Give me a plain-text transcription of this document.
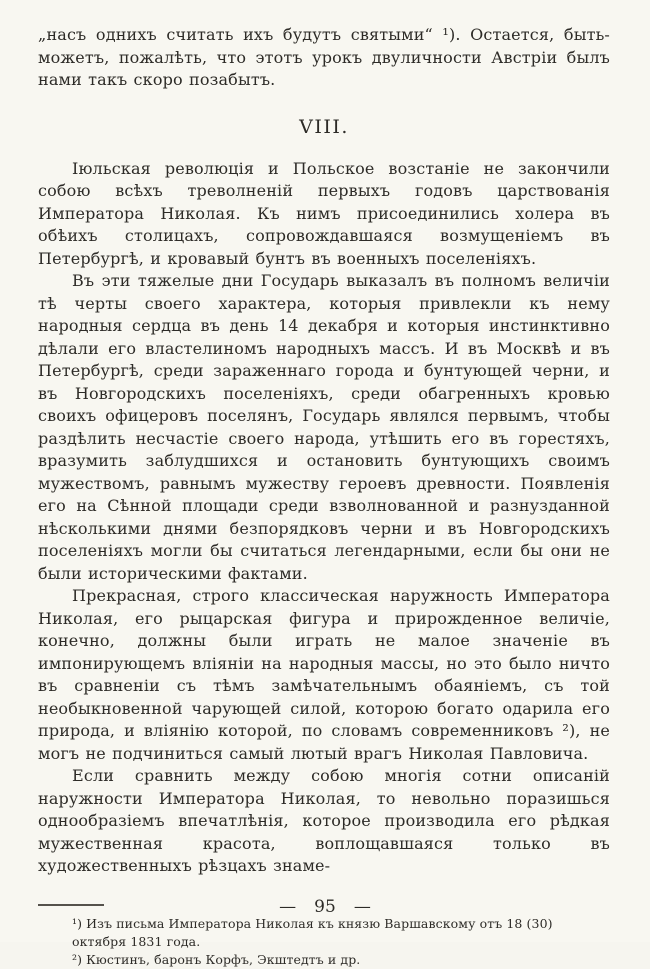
„насъ однихъ считать ихъ будутъ святыми“ ¹). Остается, быть-можетъ, пожалѣть, что этотъ урокъ двуличности Австріи былъ нами такъ скоро позабытъ.

VIII.

Іюльская революція и Польское возстаніе не закончили собою всѣхъ треволненій первыхъ годовъ царствованія Императора Николая. Къ нимъ присоединились холера въ обѣихъ столицахъ, сопровождавшаяся возмущеніемъ въ Петербургѣ, и кровавый бунтъ въ военныхъ поселеніяхъ.

Въ эти тяжелые дни Государь выказалъ въ полномъ величіи тѣ черты своего характера, которыя привлекли къ нему народныя сердца въ день 14 декабря и которыя инстинктивно дѣлали его властелиномъ народныхъ массъ. И въ Москвѣ и въ Петербургѣ, среди зараженнаго города и бунтующей черни, и въ Новгородскихъ поселеніяхъ, среди обагренныхъ кровью своихъ офицеровъ поселянъ, Государь являлся первымъ, чтобы раздѣлить несчастіе своего народа, утѣшить его въ горестяхъ, вразумить заблудшихся и остановить бунтующихъ своимъ мужествомъ, равнымъ мужеству героевъ древности. Появленія его на Сѣнной площади среди взволнованной и разнузданной нѣсколькими днями безпорядковъ черни и въ Новгородскихъ поселеніяхъ могли бы считаться легендарными, если бы они не были историческими фактами.

Прекрасная, строго классическая наружность Императора Николая, его рыцарская фигура и прирожденное величіе, конечно, должны были играть не малое значеніе въ импонирующемъ вліяніи на народныя массы, но это было ничто въ сравненіи съ тѣмъ замѣчательнымъ обаяніемъ, съ той необыкновенной чарующей силой, которою богато одарила его природа, и вліянію которой, по словамъ современниковъ ²), не могъ не подчиниться самый лютый врагъ Николая Павловича.

Если сравнить между собою многія сотни описаній наружности Императора Николая, то невольно поразишься однообразіемъ впечатлѣнія, которое производила его рѣдкая мужественная красота, воплощавшаяся только въ художественныхъ рѣзцахъ знаме-

¹) Изъ письма Императора Николая къ князю Варшавскому отъ 18 (30) октября 1831 года.

²) Кюстинъ, баронъ Корфъ, Экштедтъ и др.

— 95 —
